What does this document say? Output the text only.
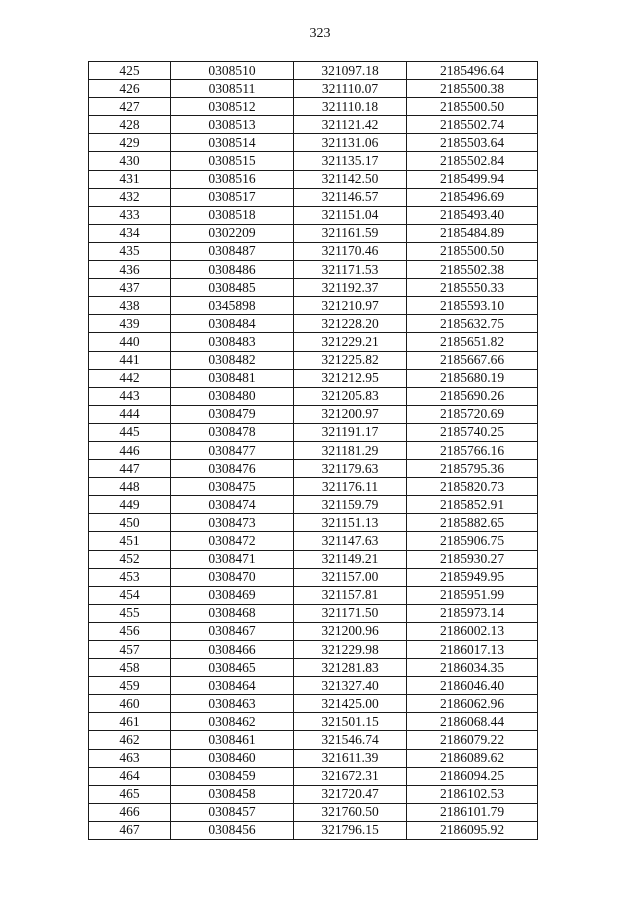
323
425	0308510	321097.18	2185496.64
426	0308511	321110.07	2185500.38
427	0308512	321110.18	2185500.50
428	0308513	321121.42	2185502.74
429	0308514	321131.06	2185503.64
430	0308515	321135.17	2185502.84
431	0308516	321142.50	2185499.94
432	0308517	321146.57	2185496.69
433	0308518	321151.04	2185493.40
434	0302209	321161.59	2185484.89
435	0308487	321170.46	2185500.50
436	0308486	321171.53	2185502.38
437	0308485	321192.37	2185550.33
438	0345898	321210.97	2185593.10
439	0308484	321228.20	2185632.75
440	0308483	321229.21	2185651.82
441	0308482	321225.82	2185667.66
442	0308481	321212.95	2185680.19
443	0308480	321205.83	2185690.26
444	0308479	321200.97	2185720.69
445	0308478	321191.17	2185740.25
446	0308477	321181.29	2185766.16
447	0308476	321179.63	2185795.36
448	0308475	321176.11	2185820.73
449	0308474	321159.79	2185852.91
450	0308473	321151.13	2185882.65
451	0308472	321147.63	2185906.75
452	0308471	321149.21	2185930.27
453	0308470	321157.00	2185949.95
454	0308469	321157.81	2185951.99
455	0308468	321171.50	2185973.14
456	0308467	321200.96	2186002.13
457	0308466	321229.98	2186017.13
458	0308465	321281.83	2186034.35
459	0308464	321327.40	2186046.40
460	0308463	321425.00	2186062.96
461	0308462	321501.15	2186068.44
462	0308461	321546.74	2186079.22
463	0308460	321611.39	2186089.62
464	0308459	321672.31	2186094.25
465	0308458	321720.47	2186102.53
466	0308457	321760.50	2186101.79
467	0308456	321796.15	2186095.92
